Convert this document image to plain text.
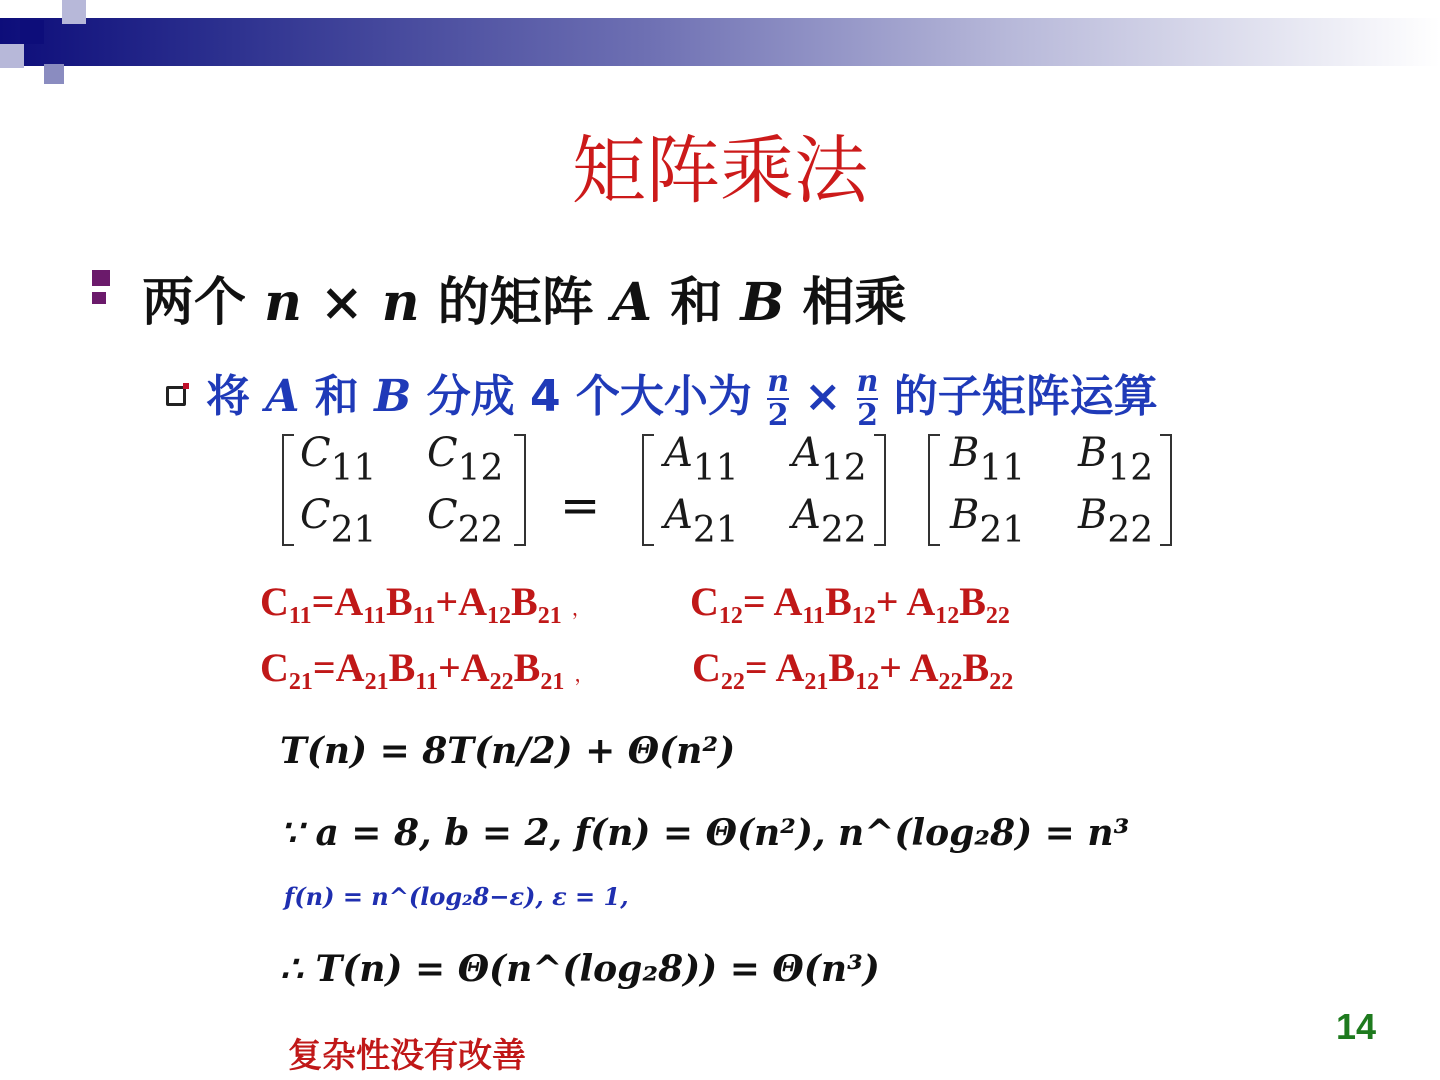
矩阵乘法
两个 n × n 的矩阵 A 和 B 相乘
将 A 和 B 分成 4 个大小为 $\frac{n}{2} \times \frac{n}{2}$ 的子矩阵运算
$C_{11}$ $C_{12}$
$C_{21}$ $C_{22}$ =
$A_{11}$ $A_{12}$
$A_{21}$ $A_{22}$
$B_{11}$ $B_{12}$
$B_{21}$ $B_{22}$
$C_{11}=A_{11}B_{11}+A_{12}B_{21}$ ，	$C_{12}= A_{11}B_{12}+ A_{12}B_{22}$
$C_{21}=A_{21}B_{11}+A_{22}B_{21}$ ，	$C_{22}= A_{21}B_{12}+ A_{22}B_{22}$
T(n) = 8T(n/2) + Θ(n²)
∵ a = 8, b = 2, f(n) = Θ(n²), n^(log₂8) = n³
f(n) = n^(log₂8−ε), ε = 1,
∴ T(n) = Θ(n^(log₂8)) = Θ(n³)
复杂性没有改善
14
